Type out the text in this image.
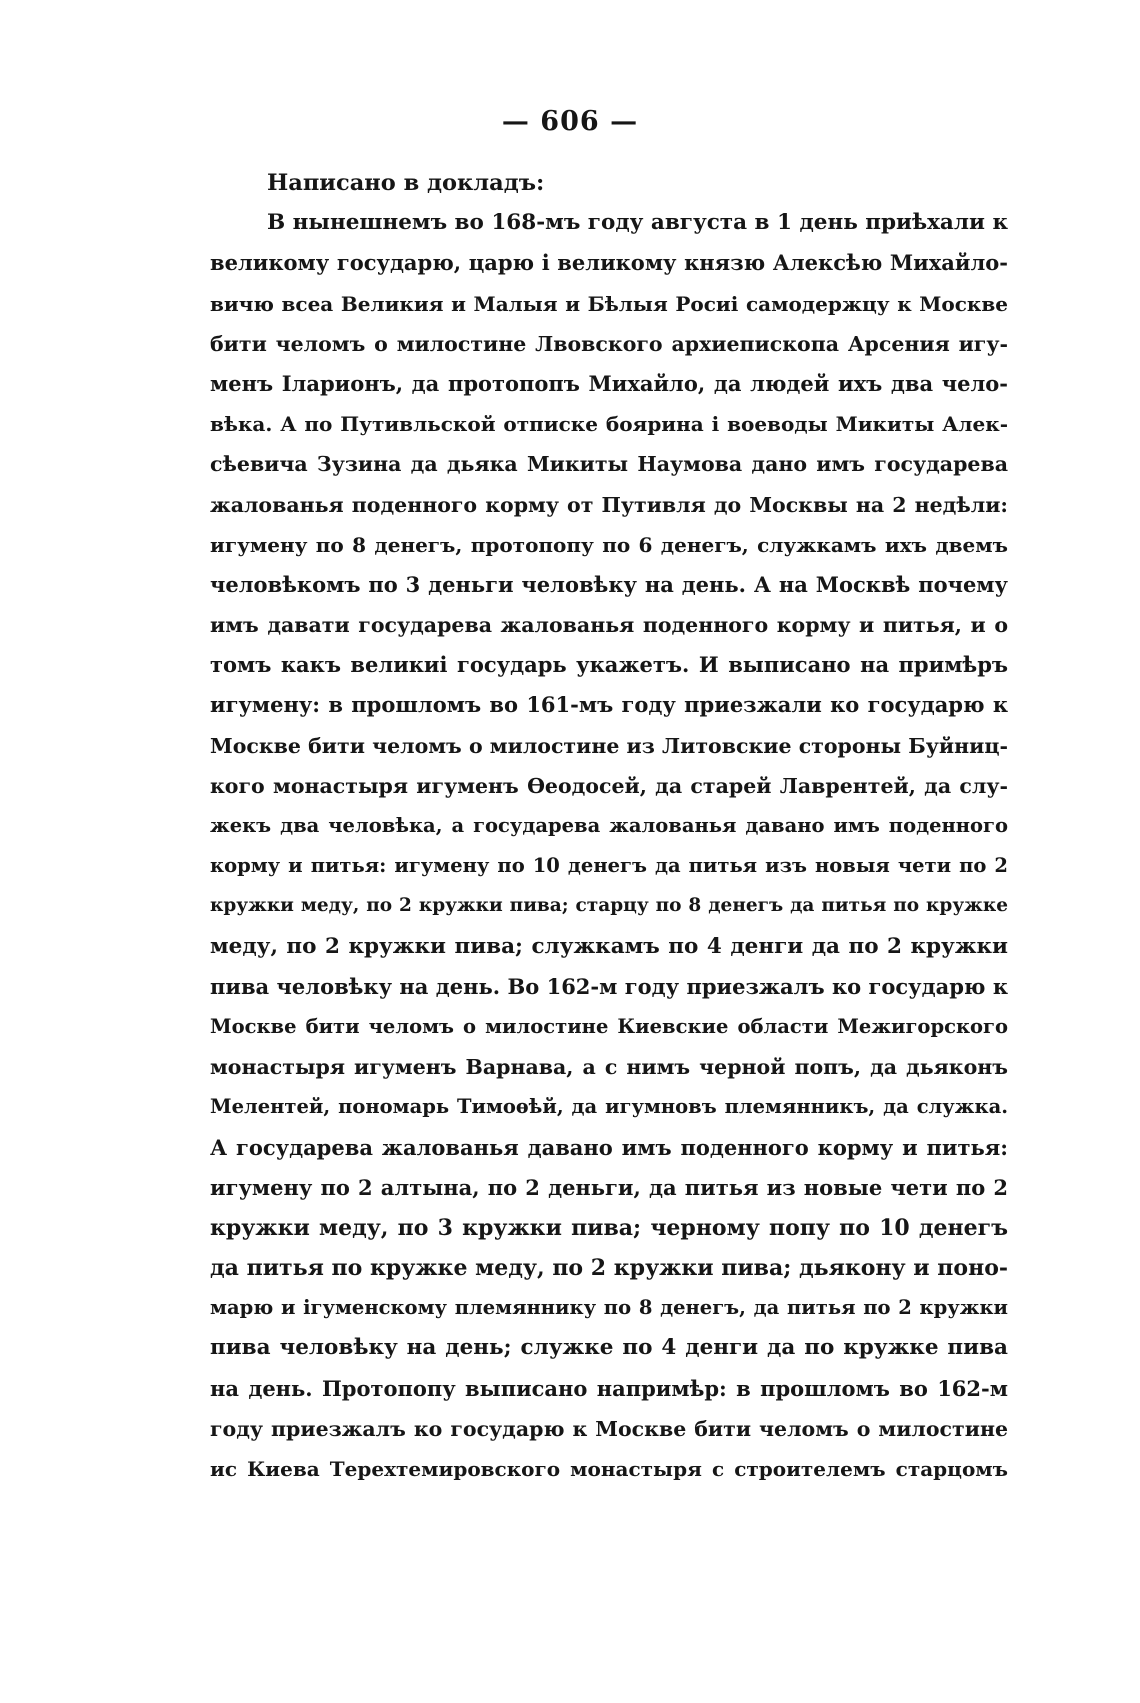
— 606 —
Написано в докладъ:
В нынешнемъ во 168-мъ году августа в 1 день приѣхали к
великому государю, царю і великому князю Алексѣю Михайло-
вичю всеа Великия и Малыя и Бѣлыя Росиі самодержцу к Москве
бити челомъ о милостине Лвовского архиепископа Арсения игу-
менъ Іларионъ, да протопопъ Михайло, да людей ихъ два чело-
вѣка. А по Путивльской отписке боярина і воеводы Микиты Алек-
сѣевича Зузина да дьяка Микиты Наумова дано имъ государева
жалованья поденного корму от Путивля до Москвы на 2 недѣли:
игумену по 8 денегъ, протопопу по 6 денегъ, служкамъ ихъ двемъ
человѣкомъ по 3 деньги человѣку на день. А на Москвѣ почему
имъ давати государева жалованья поденного корму и питья, и о
томъ какъ великиі государь укажетъ. И выписано на примѣръ
игумену: в прошломъ во 161-мъ году приезжали ко государю к
Москве бити челомъ о милостине из Литовские стороны Буйниц-
кого монастыря игуменъ Ѳеодосей, да старей Лаврентей, да слу-
жекъ два человѣка, а государева жалованья давано имъ поденного
корму и питья: игумену по 10 денегъ да питья изъ новыя чети по 2
кружки меду, по 2 кружки пива; старцу по 8 денегъ да питья по кружке
меду, по 2 кружки пива; служкамъ по 4 денги да по 2 кружки
пива человѣку на день. Во 162-м году приезжалъ ко государю к
Москве бити челомъ о милостине Киевские области Межигорского
монастыря игуменъ Варнава, а с нимъ черной попъ, да дьяконъ
Мелентей, пономарь Тимоѳѣй, да игумновъ племянникъ, да служка.
А государева жалованья давано имъ поденного корму и питья:
игумену по 2 алтына, по 2 деньги, да питья из новые чети по 2
кружки меду, по 3 кружки пива; черному попу по 10 денегъ
да питья по кружке меду, по 2 кружки пива; дьякону и поно-
марю и ігуменскому племяннику по 8 денегъ, да питья по 2 кружки
пива человѣку на день; служке по 4 денги да по кружке пива
на день. Протопопу выписано напримѣр: в прошломъ во 162-м
году приезжалъ ко государю к Москве бити челомъ о милостине
ис Киева Терехтемировского монастыря с строителемъ старцомъ
